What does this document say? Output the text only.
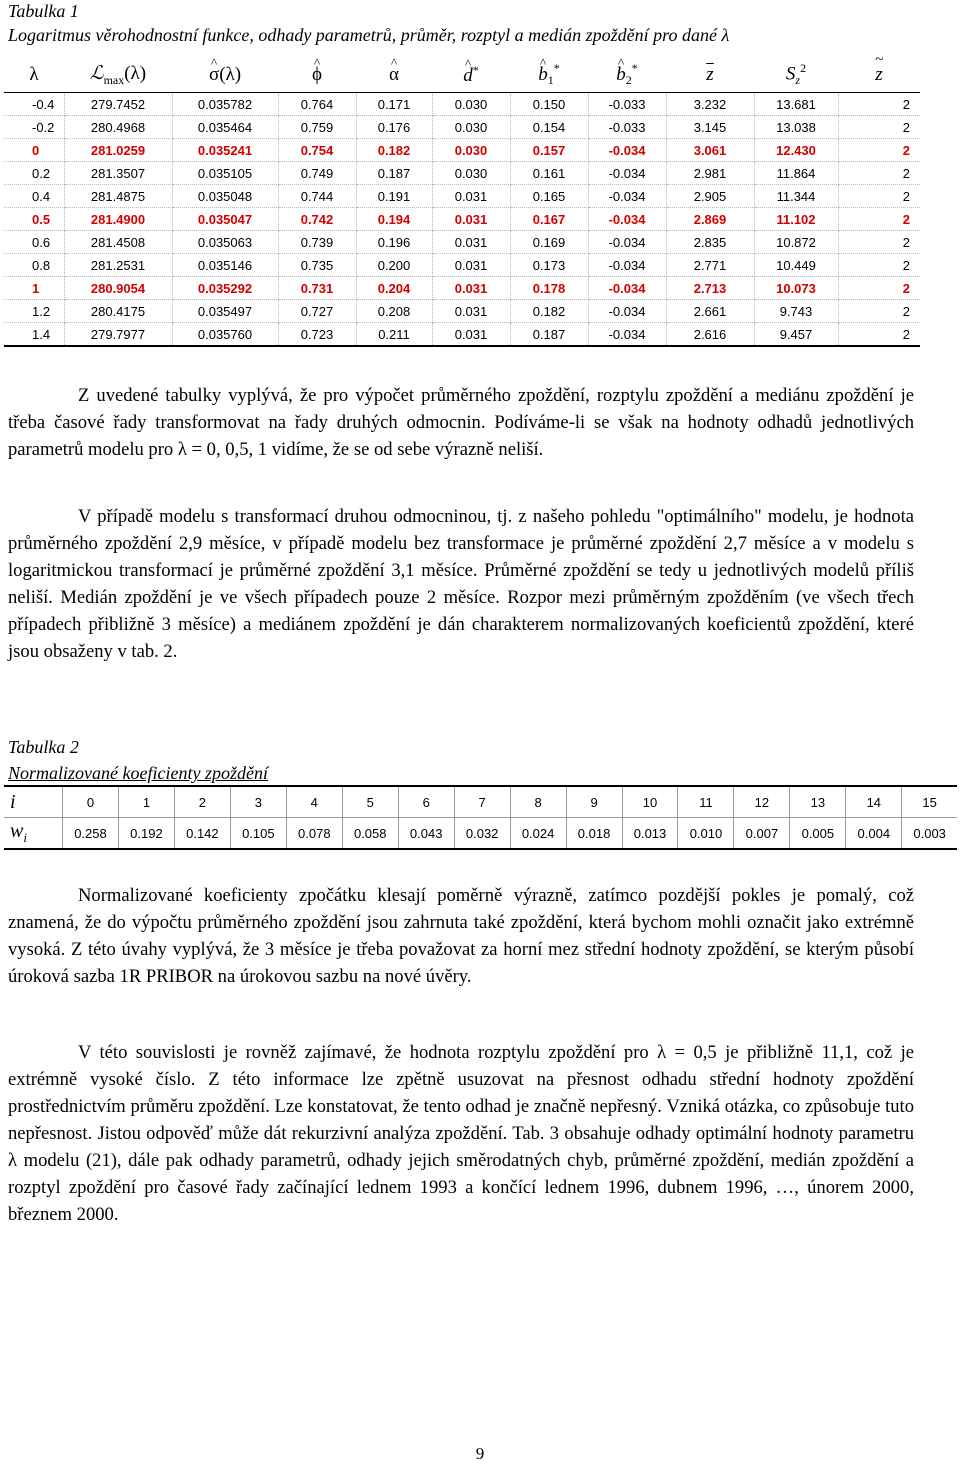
Tabulka 1
Logaritmus věrohodnostní funkce, odhady parametrů, průměr, rozptyl a medián zpoždění pro dané λ
λ	ℒ$_{max}$(λ)	^ σ(λ)	^ ϕ	^ α	^ d*	^ $b_1^*$	^ $b_2^*$	$\overline{z}$	$S_z^2$	~ z
-0.4	279.7452	0.035782	0.764	0.171	0.030	0.150	-0.033	3.232	13.681	2
-0.2	280.4968	0.035464	0.759	0.176	0.030	0.154	-0.033	3.145	13.038	2
0	281.0259	0.035241	0.754	0.182	0.030	0.157	-0.034	3.061	12.430	2
0.2	281.3507	0.035105	0.749	0.187	0.030	0.161	-0.034	2.981	11.864	2
0.4	281.4875	0.035048	0.744	0.191	0.031	0.165	-0.034	2.905	11.344	2
0.5	281.4900	0.035047	0.742	0.194	0.031	0.167	-0.034	2.869	11.102	2
0.6	281.4508	0.035063	0.739	0.196	0.031	0.169	-0.034	2.835	10.872	2
0.8	281.2531	0.035146	0.735	0.200	0.031	0.173	-0.034	2.771	10.449	2
1	280.9054	0.035292	0.731	0.204	0.031	0.178	-0.034	2.713	10.073	2
1.2	280.4175	0.035497	0.727	0.208	0.031	0.182	-0.034	2.661	9.743	2
1.4	279.7977	0.035760	0.723	0.211	0.031	0.187	-0.034	2.616	9.457	2

Z uvedené tabulky vyplývá, že pro výpočet průměrného zpoždění, rozptylu zpoždění a mediánu zpoždění je třeba časové řady transformovat na řady druhých odmocnin. Podíváme-li se však na hodnoty odhadů jednotlivých parametrů modelu pro λ = 0, 0,5, 1 vidíme, že se od sebe výrazně neliší.

V případě modelu s transformací druhou odmocninou, tj. z našeho pohledu "optimálního" modelu, je hodnota průměrného zpoždění 2,9 měsíce, v případě modelu bez transformace je průměrné zpoždění 2,7 měsíce a v modelu s logaritmickou transformací je průměrné zpoždění 3,1 měsíce. Průměrné zpoždění se tedy u jednotlivých modelů příliš neliší. Medián zpoždění je ve všech případech pouze 2 měsíce. Rozpor mezi průměrným zpožděním (ve všech třech případech přibližně 3 měsíce) a mediánem zpoždění je dán charakterem normalizovaných koeficientů zpoždění, které jsou obsaženy v tab. 2.

Tabulka 2
Normalizované koeficienty zpoždění
i	0	1	2	3	4	5	6	7	8	9	10	11	12	13	14	15
$w_i$	0.258	0.192	0.142	0.105	0.078	0.058	0.043	0.032	0.024	0.018	0.013	0.010	0.007	0.005	0.004	0.003

Normalizované koeficienty zpočátku klesají poměrně výrazně, zatímco pozdější pokles je pomalý, což znamená, že do výpočtu průměrného zpoždění jsou zahrnuta také zpoždění, která bychom mohli označit jako extrémně vysoká. Z této úvahy vyplývá, že 3 měsíce je třeba považovat za horní mez střední hodnoty zpoždění, se kterým působí úroková sazba 1R PRIBOR na úrokovou sazbu na nové úvěry.

V této souvislosti je rovněž zajímavé, že hodnota rozptylu zpoždění pro λ = 0,5 je přibližně 11,1, což je extrémně vysoké číslo. Z této informace lze zpětně usuzovat na přesnost odhadu střední hodnoty zpoždění prostřednictvím průměru zpoždění. Lze konstatovat, že tento odhad je značně nepřesný. Vzniká otázka, co způsobuje tuto nepřesnost. Jistou odpověď může dát rekurzivní analýza zpoždění. Tab. 3 obsahuje odhady optimální hodnoty parametru λ modelu (21), dále pak odhady parametrů, odhady jejich směrodatných chyb, průměrné zpoždění, medián zpoždění a rozptyl zpoždění pro časové řady začínající lednem 1993 a končící lednem 1996, dubnem 1996, …, únorem 2000, březnem 2000.

9
